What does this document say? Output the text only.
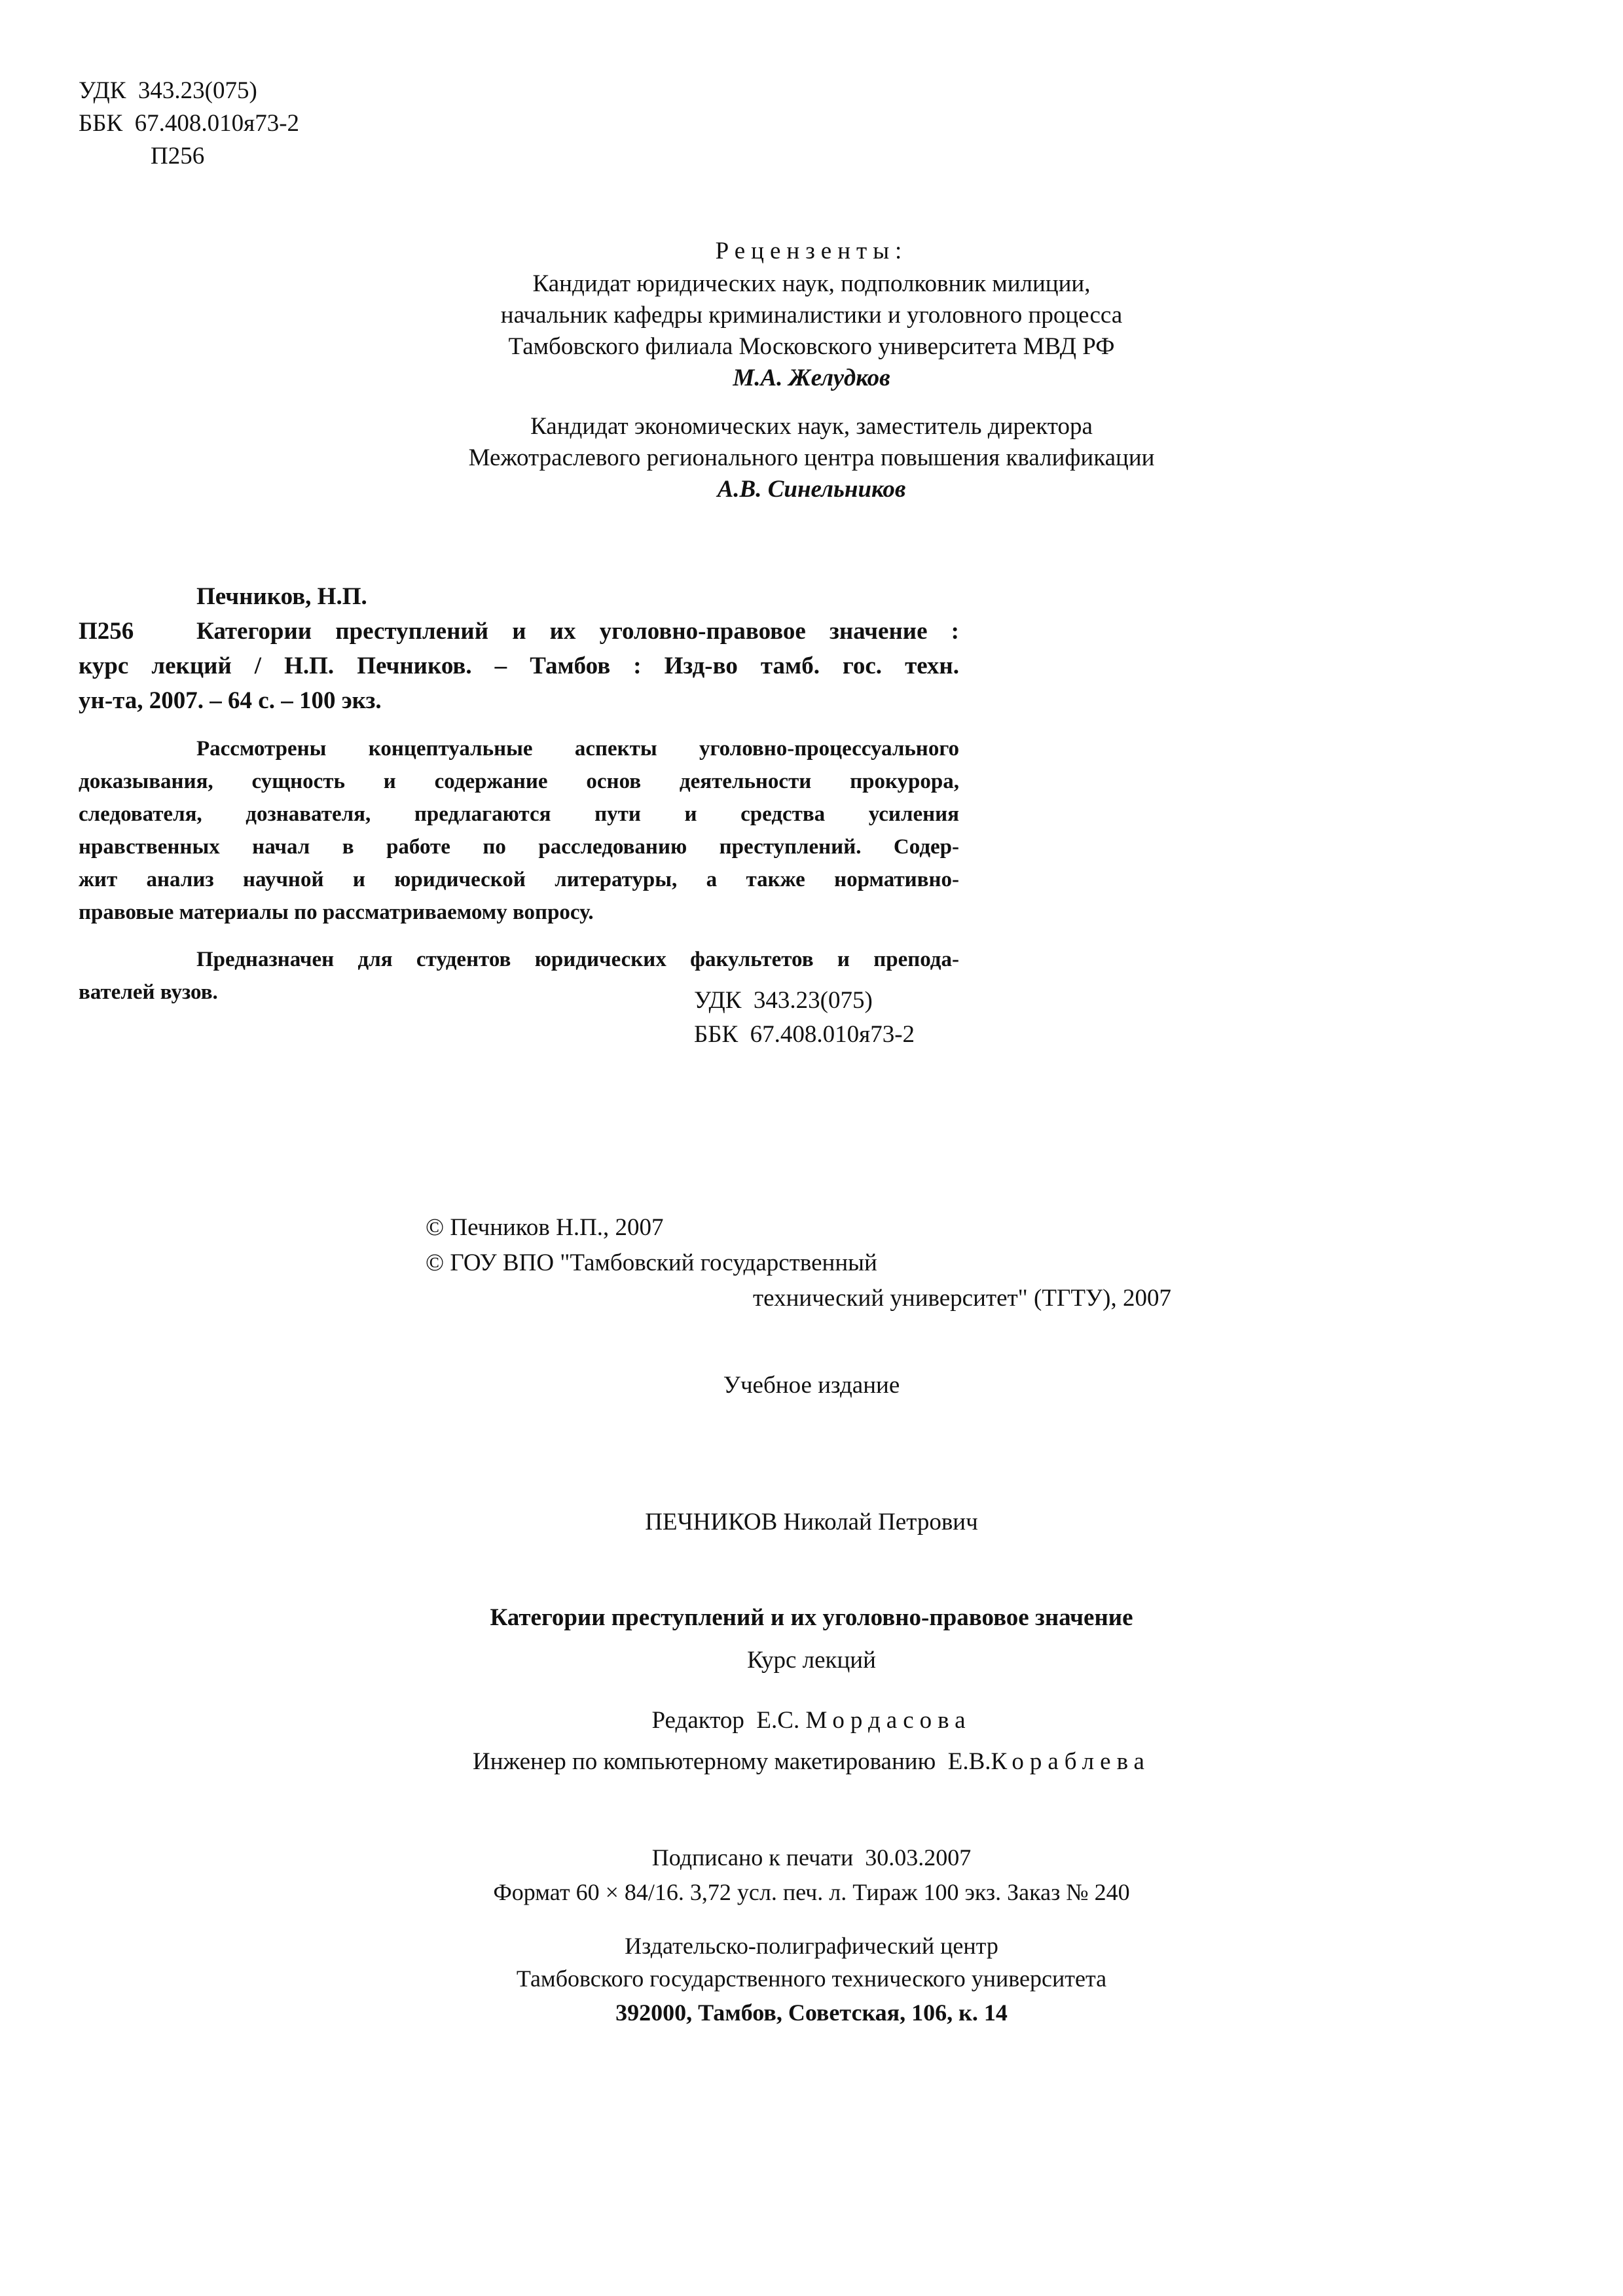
УДК 343.23(075)
ББК 67.408.010я73-2
П256
Рецензенты:
Кандидат юридических наук, подполковник милиции,
начальник кафедры криминалистики и уголовного процесса
Тамбовского филиала Московского университета МВД РФ
М.А. Желудков
Кандидат экономических наук, заместитель директора
Межотраслевого регионального центра повышения квалификации
А.В. Синельников
Печников, Н.П.
П256	Категории преступлений и их уголовно-правовое значение :
курс лекций / Н.П. Печников. – Тамбов : Изд-во тамб. гос. техн.
ун-та, 2007. – 64 с. – 100 экз.
Рассмотрены концептуальные аспекты уголовно-процессуального
доказывания, сущность и содержание основ деятельности прокурора,
следователя, дознавателя, предлагаются пути и средства усиления
нравственных начал в работе по расследованию преступлений. Содер-
жит анализ научной и юридической литературы, а также нормативно-
правовые материалы по рассматриваемому вопросу.
Предназначен для студентов юридических факультетов и препода-
вателей вузов.	УДК 343.23(075)
ББК 67.408.010я73-2
© Печников Н.П., 2007
© ГОУ ВПО "Тамбовский государственный
технический университет" (ТГТУ), 2007
Учебное издание
ПЕЧНИКОВ Николай Петрович
Категории преступлений и их уголовно-правовое значение
Курс лекций
Редактор Е.С. Мордасова
Инженер по компьютерному макетированию Е.В.Кораблева
Подписано к печати  30.03.2007
Формат 60 × 84/16. 3,72 усл. печ. л. Тираж 100 экз. Заказ № 240
Издательско-полиграфический центр
Тамбовского государственного технического университета
392000, Тамбов, Советская, 106, к. 14
